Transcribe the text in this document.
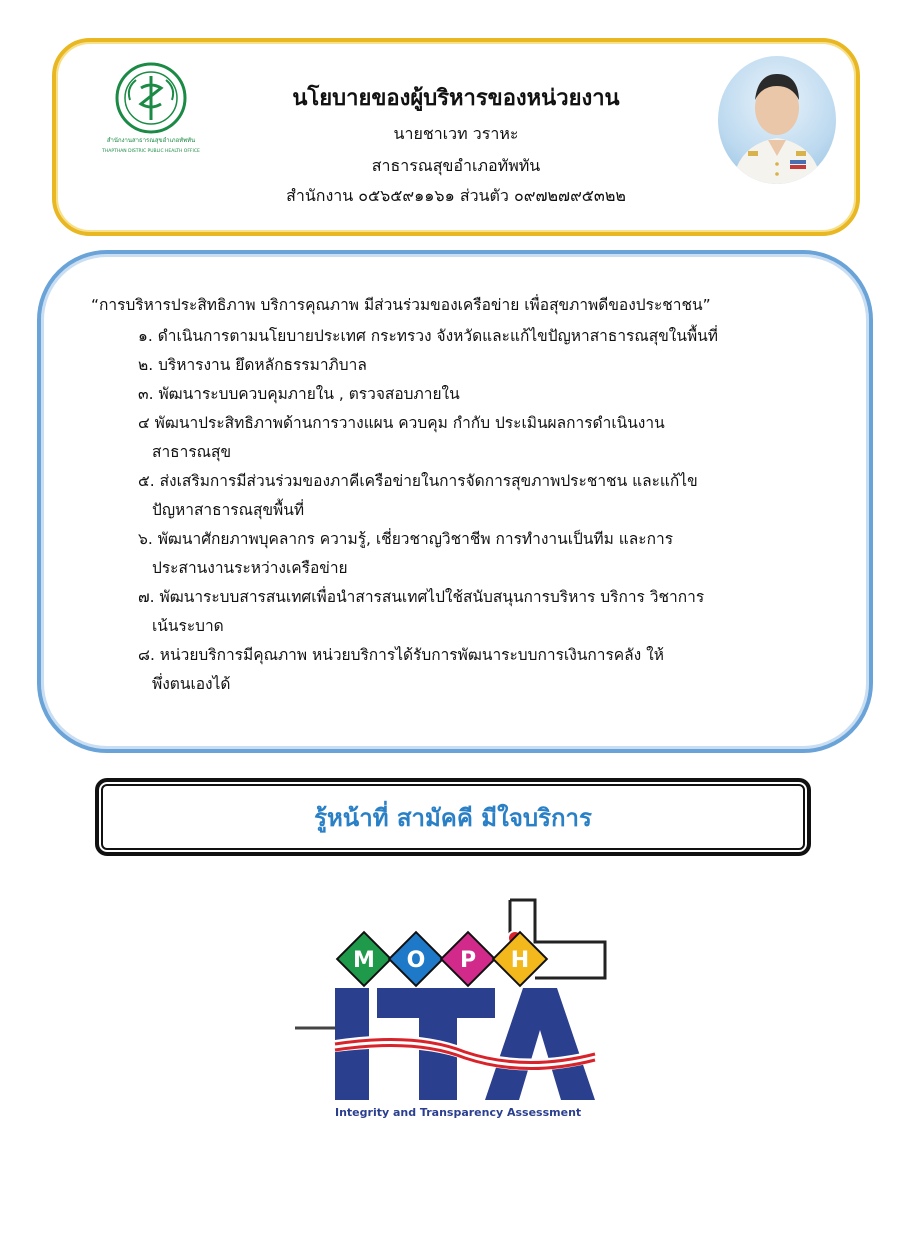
สำนักงานสาธารณสุขอำเภอทัพทัน
THAPTHAN DISTRIC PUBLIC HEALTH OFFICE
นโยบายของผู้บริหารของหน่วยงาน
นายชาเวท วราหะ
สาธารณสุขอำเภอทัพทัน
สำนักงาน ๐๕๖๕๙๑๑๖๑ ส่วนตัว ๐๙๗๒๗๙๕๓๒๒
“การบริหารประสิทธิภาพ บริการคุณภาพ มีส่วนร่วมของเครือข่าย เพื่อสุขภาพดีของประชาชน”

๑. ดำเนินการตามนโยบายประเทศ กระทรวง จังหวัดและแก้ไขปัญหาสาธารณสุขในพื้นที่

๒. บริหารงาน ยึดหลักธรรมาภิบาล

๓. พัฒนาระบบควบคุมภายใน , ตรวจสอบภายใน

๔ พัฒนาประสิทธิภาพด้านการวางแผน ควบคุม กำกับ ประเมินผลการดำเนินงาน
สาธารณสุข

๕. ส่งเสริมการมีส่วนร่วมของภาคีเครือข่ายในการจัดการสุขภาพประชาชน และแก้ไข
ปัญหาสาธารณสุขพื้นที่

๖. พัฒนาศักยภาพบุคลากร ความรู้, เชี่ยวชาญวิชาชีพ การทำงานเป็นทีม และการ
ประสานงานระหว่างเครือข่าย

๗. พัฒนาระบบสารสนเทศเพื่อนำสารสนเทศไปใช้สนับสนุนการบริหาร บริการ วิชาการ
เน้นระบาด

๘. หน่วยบริการมีคุณภาพ หน่วยบริการได้รับการพัฒนาระบบการเงินการคลัง ให้
พึ่งตนเองได้

รู้หน้าที่ สามัคคี มีใจบริการ
M O P H
Integrity and Transparency Assessment
